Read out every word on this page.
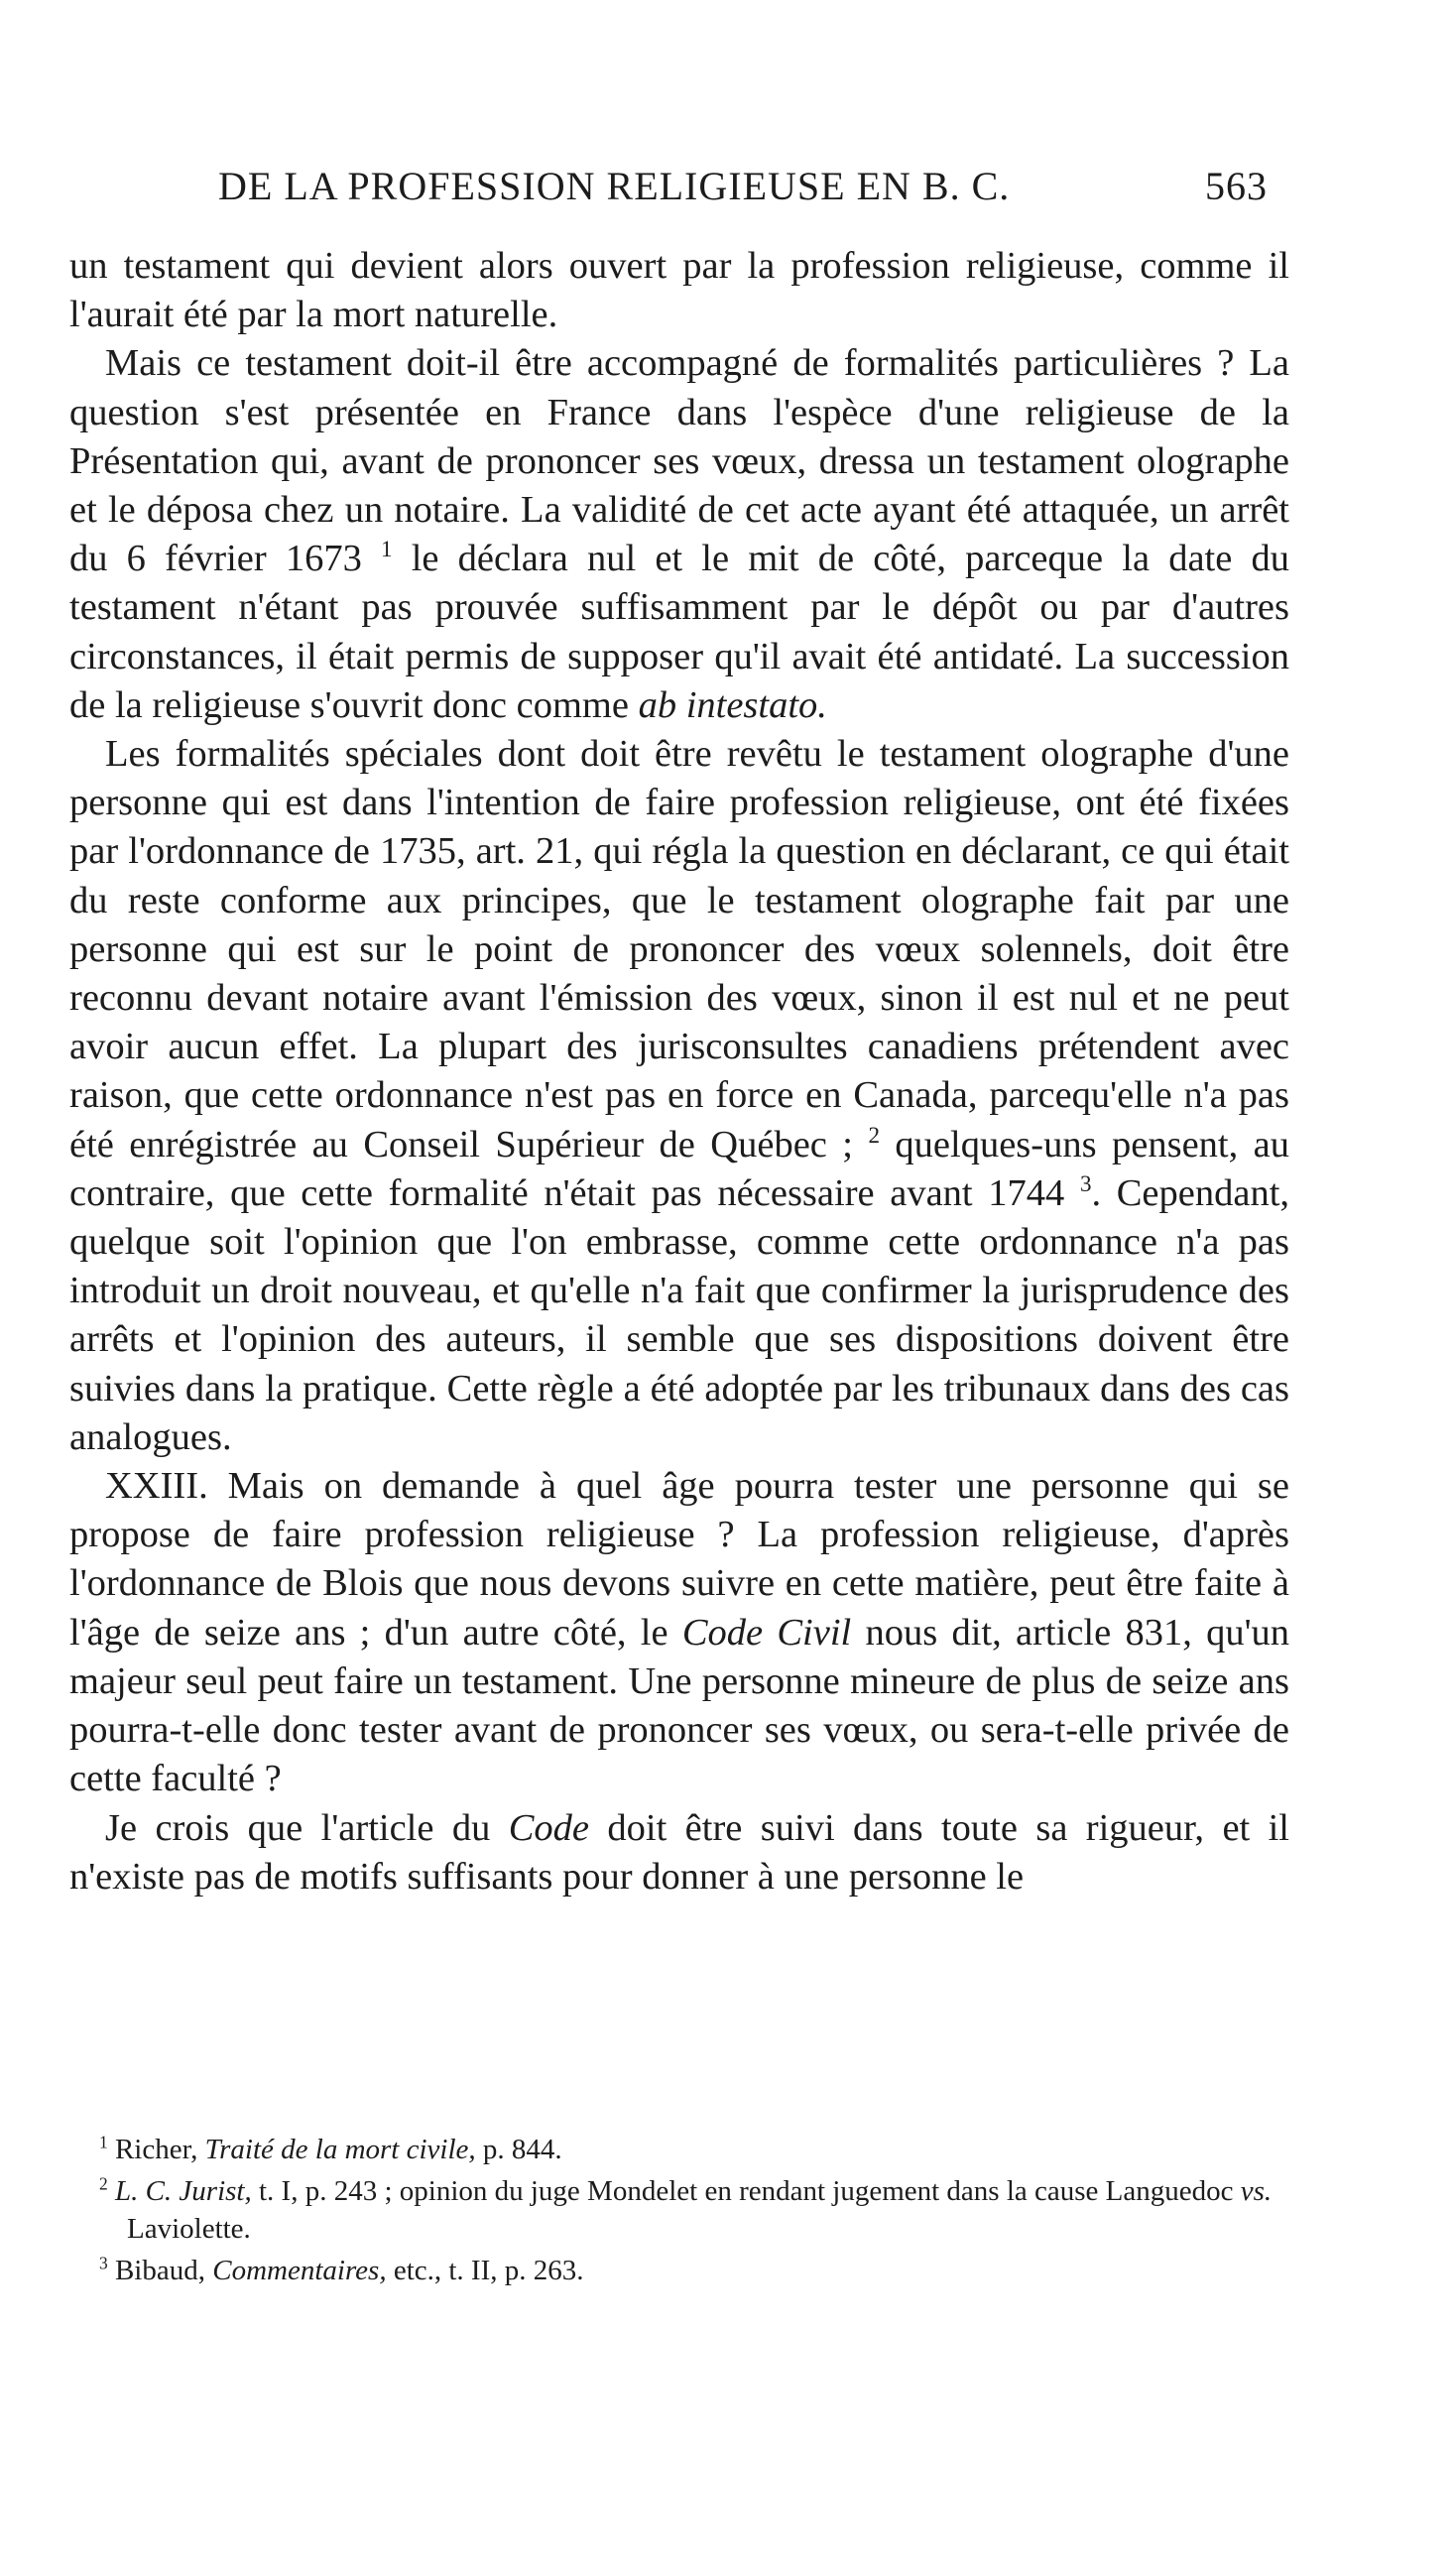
DE LA PROFESSION RELIGIEUSE EN B. C.	563

un testament qui devient alors ouvert par la profession religieuse, comme il l'aurait été par la mort naturelle.

Mais ce testament doit-il être accompagné de formalités particulières ? La question s'est présentée en France dans l'espèce d'une religieuse de la Présentation qui, avant de prononcer ses vœux, dressa un testament olographe et le déposa chez un notaire. La validité de cet acte ayant été attaquée, un arrêt du 6 février 1673 $^1$ le déclara nul et le mit de côté, parceque la date du testament n'étant pas prouvée suffisamment par le dépôt ou par d'autres circonstances, il était permis de supposer qu'il avait été antidaté. La succession de la religieuse s'ouvrit donc comme ab intestato.

Les formalités spéciales dont doit être revêtu le testament olographe d'une personne qui est dans l'intention de faire profession religieuse, ont été fixées par l'ordonnance de 1735, art. 21, qui régla la question en déclarant, ce qui était du reste conforme aux principes, que le testament olographe fait par une personne qui est sur le point de prononcer des vœux solennels, doit être reconnu devant notaire avant l'émission des vœux, sinon il est nul et ne peut avoir aucun effet. La plupart des jurisconsultes canadiens prétendent avec raison, que cette ordonnance n'est pas en force en Canada, parcequ'elle n'a pas été enrégistrée au Conseil Supérieur de Québec ; $^2$ quelques-uns pensent, au contraire, que cette formalité n'était pas nécessaire avant 1744 $^3$. Cependant, quelque soit l'opinion que l'on embrasse, comme cette ordonnance n'a pas introduit un droit nouveau, et qu'elle n'a fait que confirmer la jurisprudence des arrêts et l'opinion des auteurs, il semble que ses dispositions doivent être suivies dans la pratique. Cette règle a été adoptée par les tribunaux dans des cas analogues.

XXIII. Mais on demande à quel âge pourra tester une personne qui se propose de faire profession religieuse ? La profession religieuse, d'après l'ordonnance de Blois que nous devons suivre en cette matière, peut être faite à l'âge de seize ans ; d'un autre côté, le Code Civil nous dit, article 831, qu'un majeur seul peut faire un testament. Une personne mineure de plus de seize ans pourra-t-elle donc tester avant de prononcer ses vœux, ou sera-t-elle privée de cette faculté ?

Je crois que l'article du Code doit être suivi dans toute sa rigueur, et il n'existe pas de motifs suffisants pour donner à une personne le

$^1$ Richer, Traité de la mort civile, p. 844.

$^2$ L. C. Jurist, t. I, p. 243 ; opinion du juge Mondelet en rendant jugement dans la cause Languedoc vs. Laviolette.

$^3$ Bibaud, Commentaires, etc., t. II, p. 263.
